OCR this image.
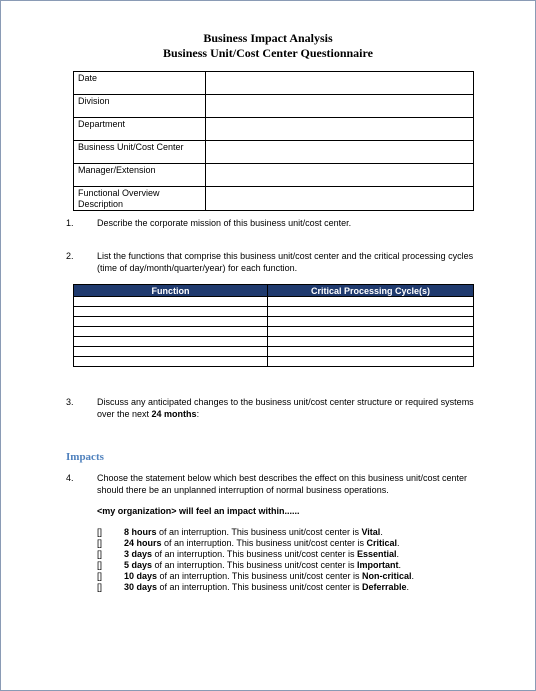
Business Impact Analysis
Business Unit/Cost Center Questionnaire
Date	
Division	
Department	
Business Unit/Cost Center	
Manager/Extension	
Functional Overview Description	
1.	Describe the corporate mission of this business unit/cost center.
2.	List the functions that comprise this business unit/cost center and the critical processing cycles (time of day/month/quarter/year) for each function.
Function	Critical Processing Cycle(s)

3.	Discuss any anticipated changes to the business unit/cost center structure or required systems over the next 24 months:
Impacts
4.	Choose the statement below which best describes the effect on this business unit/cost center should there be an unplanned interruption of normal business operations.
<my organization> will feel an impact within......
[] 8 hours of an interruption. This business unit/cost center is Vital.
[] 24 hours of an interruption. This business unit/cost center is Critical.
[] 3 days of an interruption. This business unit/cost center is Essential.
[] 5 days of an interruption. This business unit/cost center is Important.
[] 10 days of an interruption. This business unit/cost center is Non-critical.
[] 30 days of an interruption. This business unit/cost center is Deferrable.
